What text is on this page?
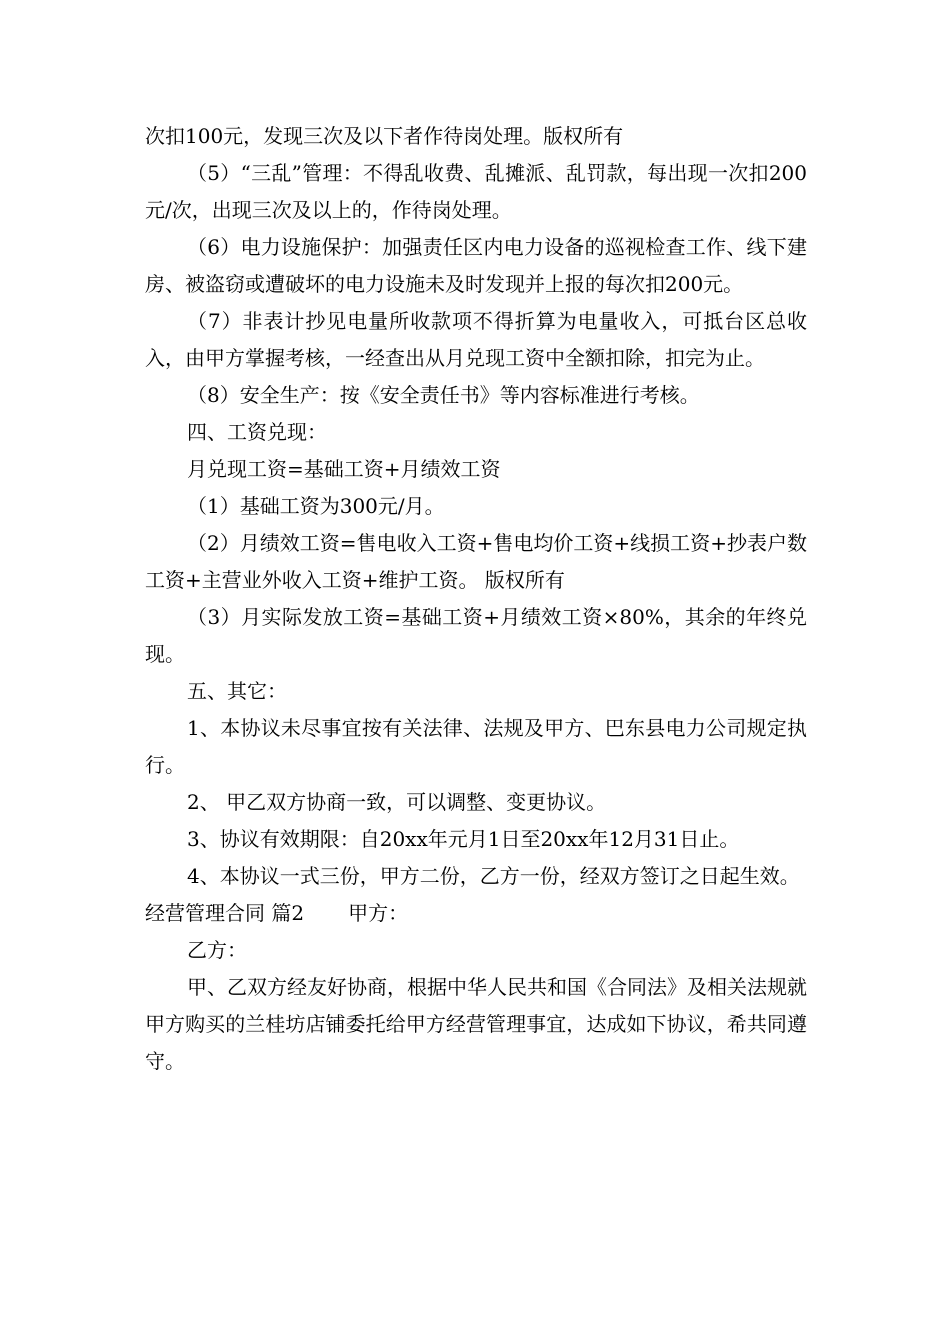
次扣100元，发现三次及以下者作待岗处理。版权所有

（5）“三乱”管理：不得乱收费、乱摊派、乱罚款，每出现一次扣200元/次，出现三次及以上的，作待岗处理。

（6）电力设施保护：加强责任区内电力设备的巡视检查工作、线下建房、被盗窃或遭破坏的电力设施未及时发现并上报的每次扣200元。

（7）非表计抄见电量所收款项不得折算为电量收入，可抵台区总收入，由甲方掌握考核，一经查出从月兑现工资中全额扣除，扣完为止。

（8）安全生产：按《安全责任书》等内容标准进行考核。

四、工资兑现：

月兑现工资=基础工资+月绩效工资

（1）基础工资为300元/月。

（2）月绩效工资=售电收入工资+售电均价工资+线损工资+抄表户数工资+主营业外收入工资+维护工资。 版权所有

（3）月实际发放工资=基础工资+月绩效工资×80%，其余的年终兑现。

五、其它：

1、本协议未尽事宜按有关法律、法规及甲方、巴东县电力公司规定执行。

2、 甲乙双方协商一致，可以调整、变更协议。

3、协议有效期限：自20xx年元月1日至20xx年12月31日止。

4、本协议一式三份，甲方二份，乙方一份，经双方签订之日起生效。

经营管理合同 篇2 甲方：

乙方：

甲、乙双方经友好协商，根据中华人民共和国《合同法》及相关法规就甲方购买的兰桂坊店铺委托给甲方经营管理事宜，达成如下协议，希共同遵守。
